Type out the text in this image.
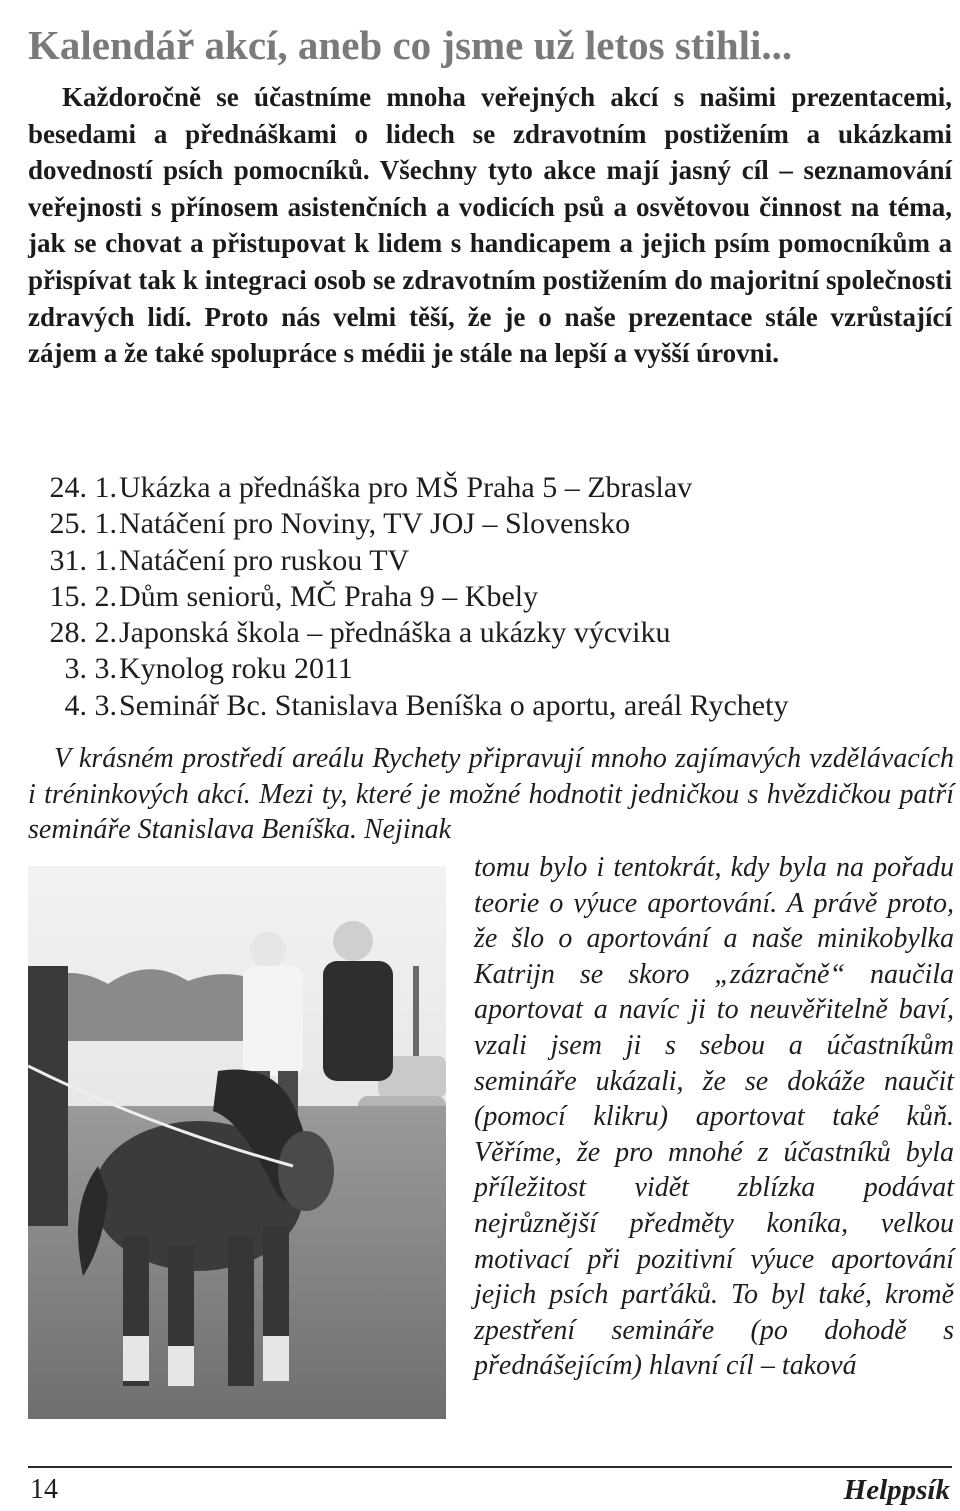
Kalendář akcí, aneb co jsme už letos stihli...

Každoročně se účastníme mnoha veřejných akcí s našimi prezentacemi, besedami a přednáškami o lidech se zdravotním postižením a ukázkami dovedností psích pomocníků. Všechny tyto akce mají jasný cíl – seznamování veřejnosti s přínosem asistenčních a vodicích psů a osvětovou činnost na téma, jak se chovat a přistupovat k lidem s handicapem a jejich psím pomocníkům a přispívat tak k integraci osob se zdravotním postižením do majoritní společnosti zdravých lidí. Proto nás velmi těší, že je o naše prezentace stále vzrůstající zájem a že také spolupráce s médii je stále na lepší a vyšší úrovni.

24. 1. Ukázka a přednáška pro MŠ Praha 5 – Zbraslav
25. 1. Natáčení pro Noviny, TV JOJ – Slovensko
31. 1. Natáčení pro ruskou TV
15. 2. Dům seniorů, MČ Praha 9 – Kbely
28. 2. Japonská škola – přednáška a ukázky výcviku
3. 3. Kynolog roku 2011
4. 3. Seminář Bc. Stanislava Beníška o aportu, areál Rychety

V krásném prostředí areálu Rychety připravují mnoho zajímavých vzdělávacích i tréninkových akcí. Mezi ty, které je možné hodnotit jedničkou s hvězdičkou patří semináře Stanislava Beníška. Nejinak

tomu bylo i tentokrát, kdy byla na pořadu teorie o výuce aportování. A právě proto, že šlo o aportování a naše minikobylka Katrijn se skoro „zázračně“ naučila aportovat a navíc ji to neuvěřitelně baví, vzali jsem ji s sebou a účastníkům semináře ukázali, že se dokáže naučit (pomocí klikru) aportovat také kůň. Věříme, že pro mnohé z účastníků byla příležitost vidět zblízka podávat nejrůznější předměty koníka, velkou motivací při pozitivní výuce aportování jejich psích parťáků. To byl také, kromě zpestření semináře (po dohodě s přednášejícím) hlavní cíl – taková

14	Helppsík
